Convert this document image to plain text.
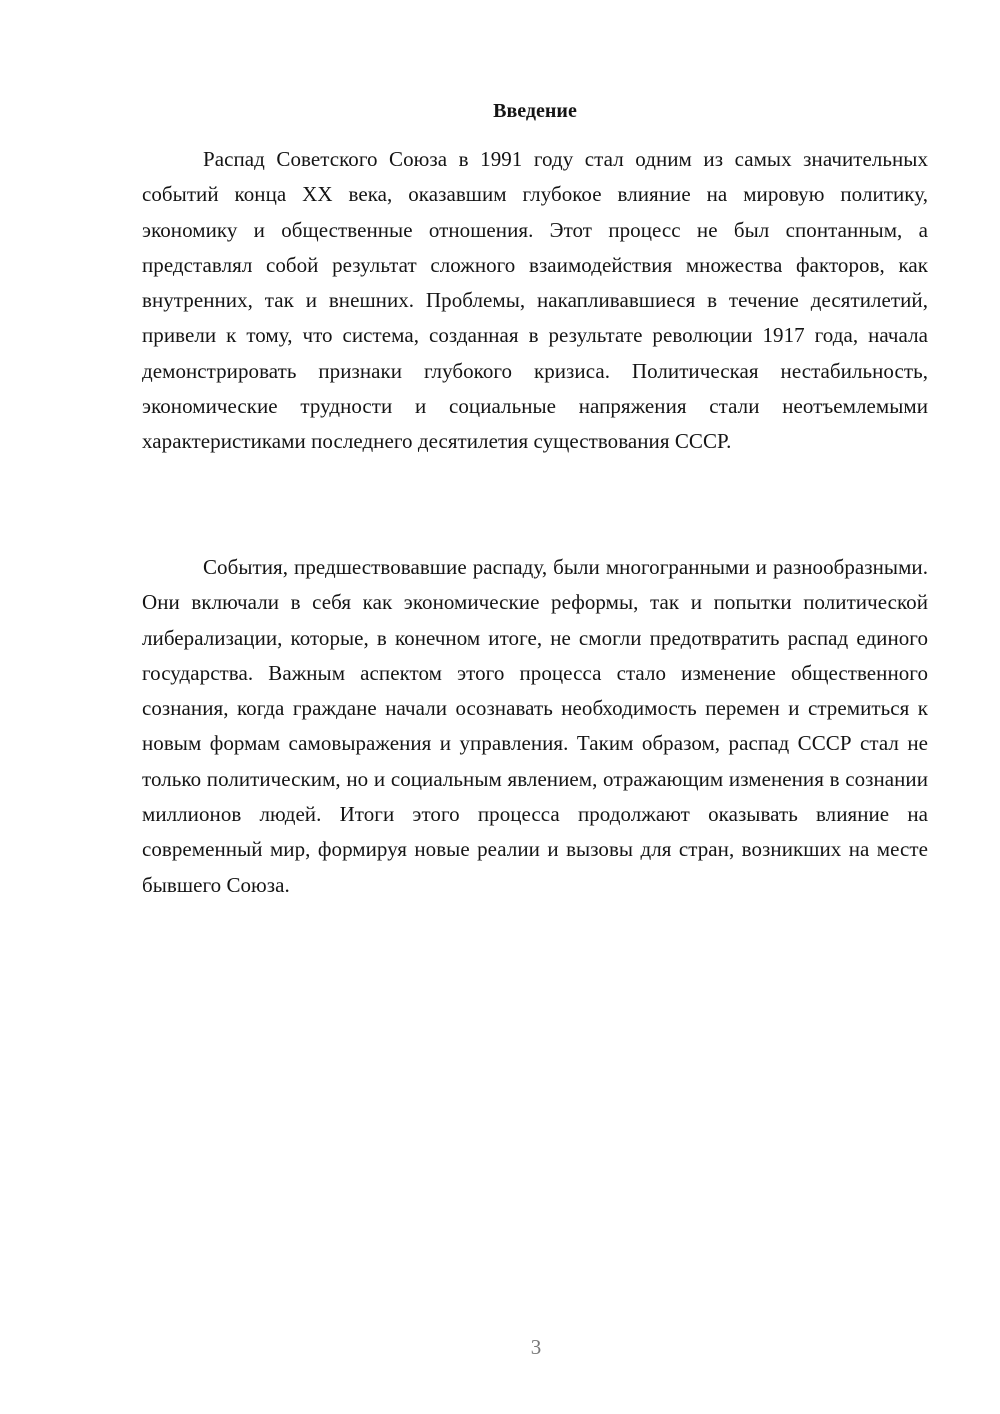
Введение

Распад Советского Союза в 1991 году стал одним из самых значительных событий конца XX века, оказавшим глубокое влияние на мировую политику, экономику и общественные отношения. Этот процесс не был спонтанным, а представлял собой результат сложного взаимодействия множества факторов, как внутренних, так и внешних. Проблемы, накапливавшиеся в течение десятилетий, привели к тому, что система, созданная в результате революции 1917 года, начала демонстрировать признаки глубокого кризиса. Политическая нестабильность, экономические трудности и социальные напряжения стали неотъемлемыми характеристиками последнего десятилетия существования СССР.

События, предшествовавшие распаду, были многогранными и разнообразными. Они включали в себя как экономические реформы, так и попытки политической либерализации, которые, в конечном итоге, не смогли предотвратить распад единого государства. Важным аспектом этого процесса стало изменение общественного сознания, когда граждане начали осознавать необходимость перемен и стремиться к новым формам самовыражения и управления. Таким образом, распад СССР стал не только политическим, но и социальным явлением, отражающим изменения в сознании миллионов людей. Итоги этого процесса продолжают оказывать влияние на современный мир, формируя новые реалии и вызовы для стран, возникших на месте бывшего Союза.

3
